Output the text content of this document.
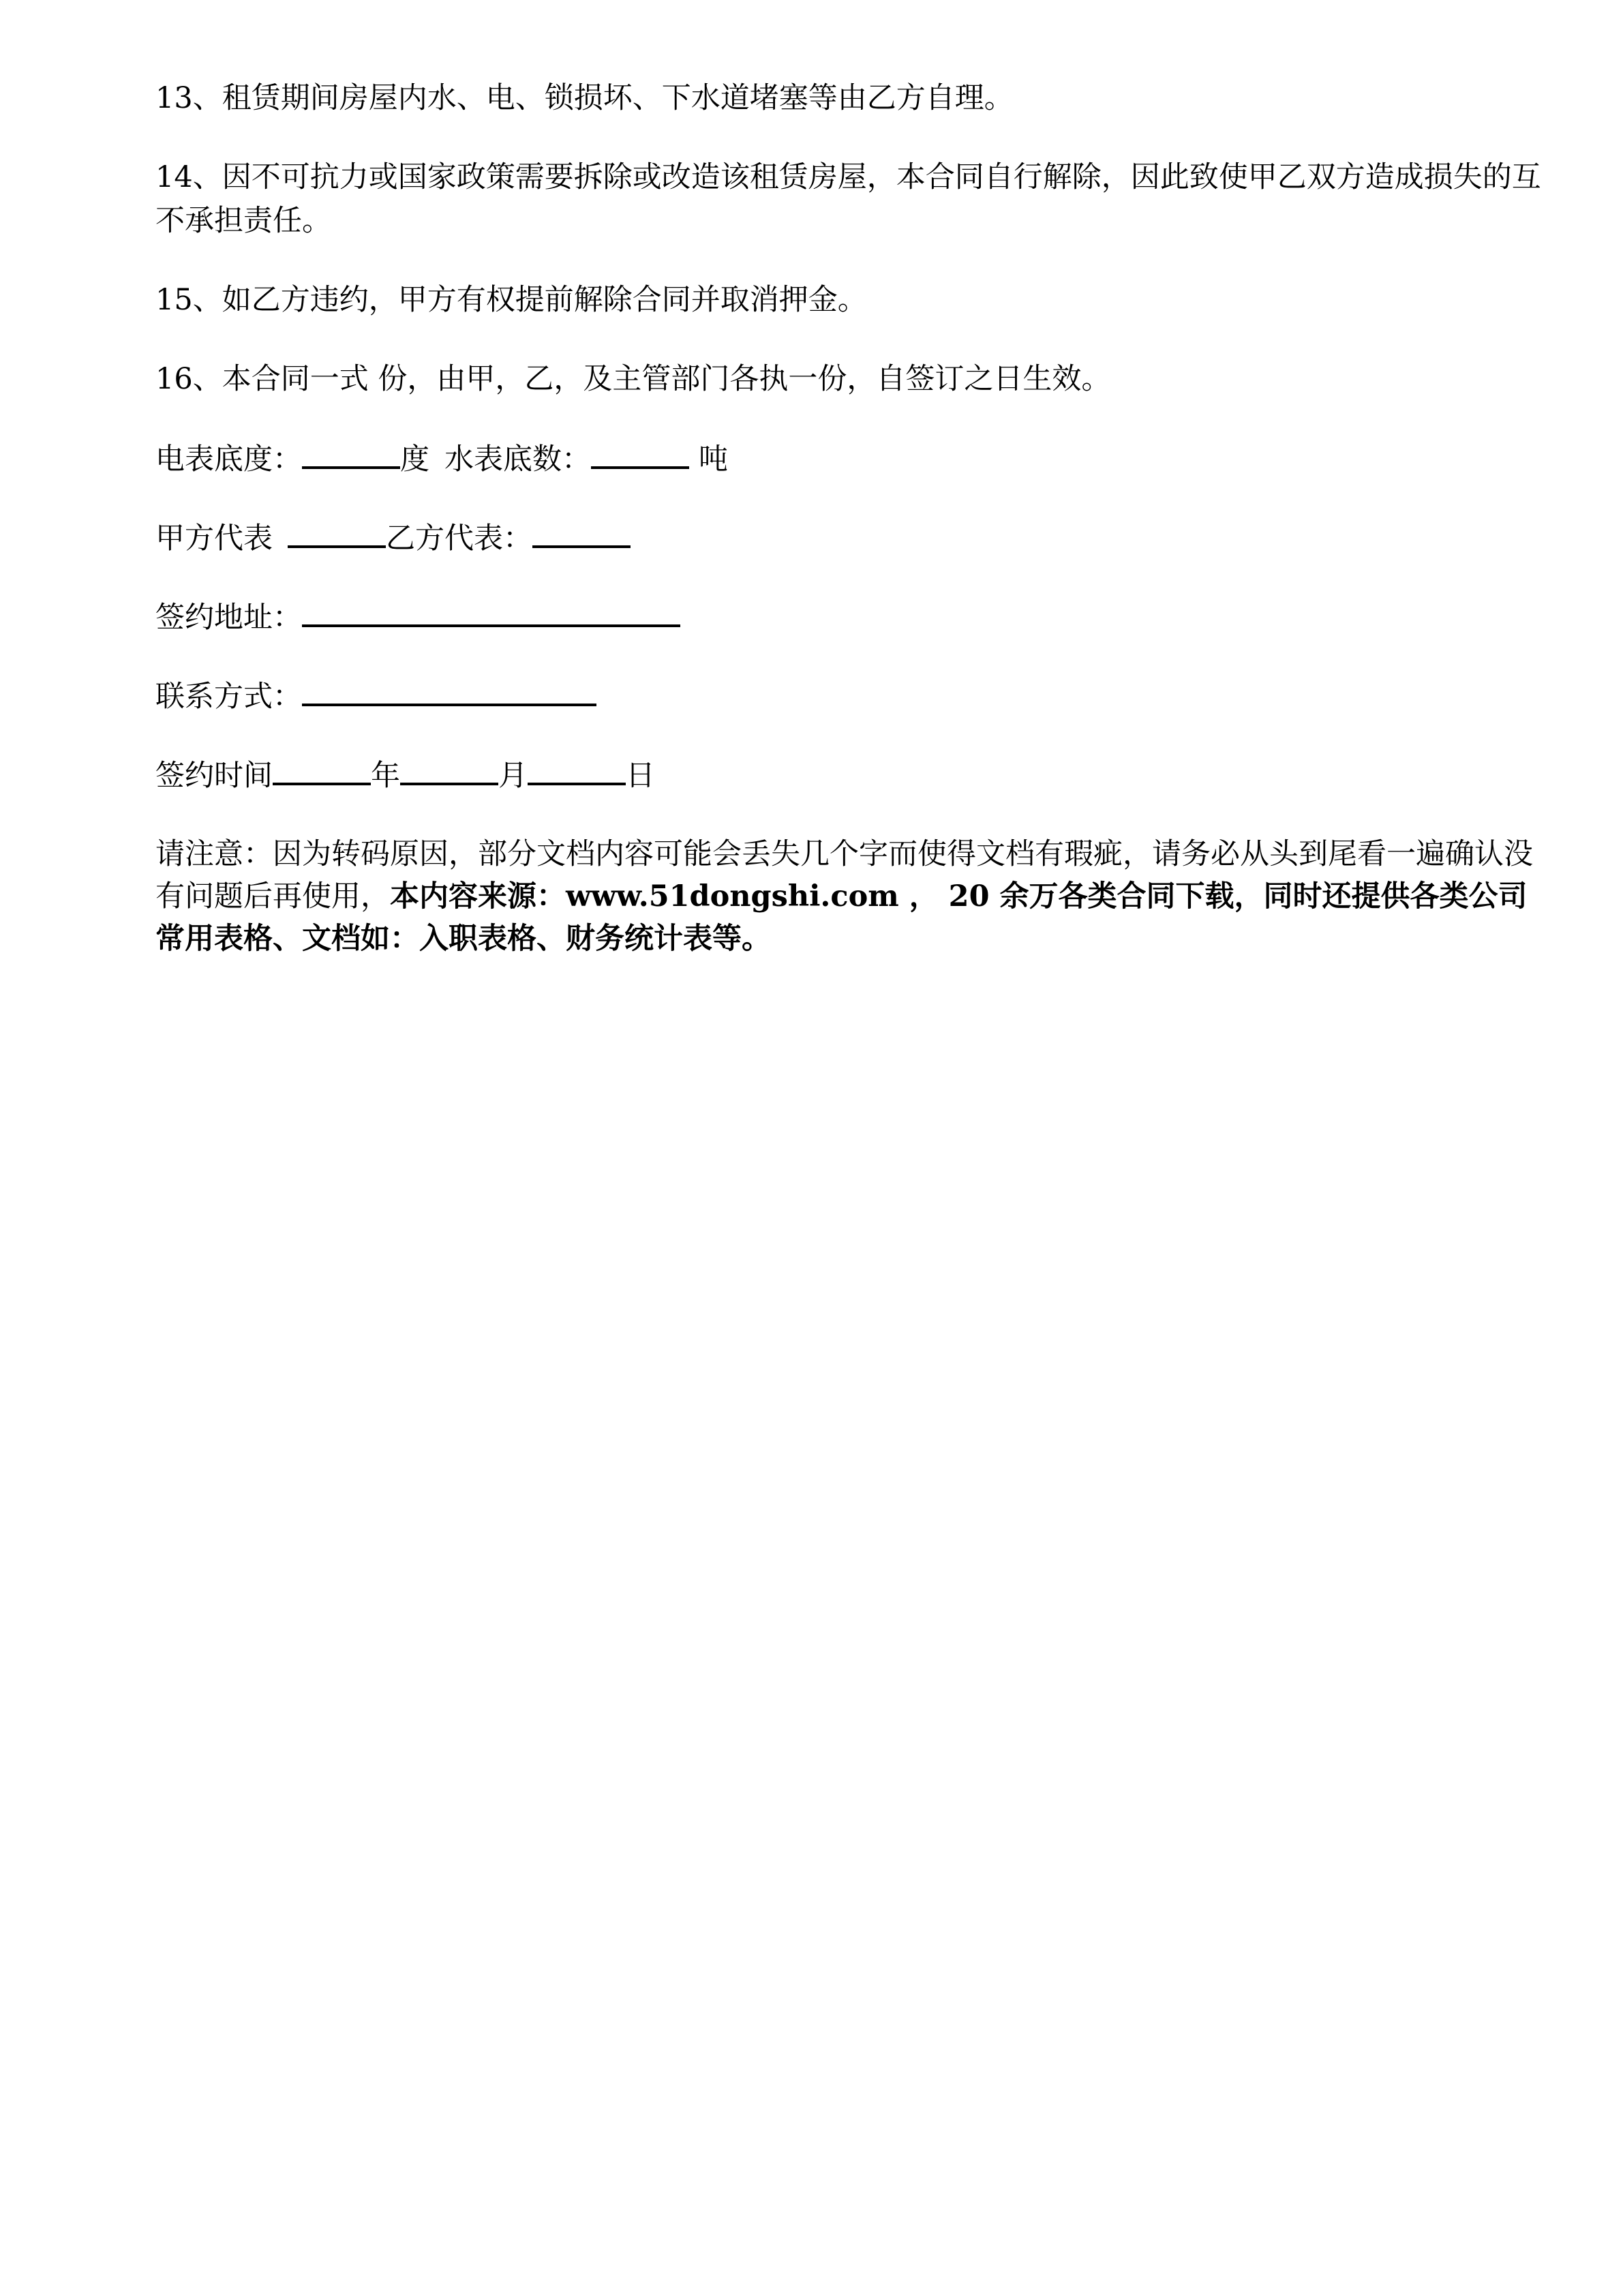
13、租赁期间房屋内水、电、锁损坏、下水道堵塞等由乙方自理。

14、因不可抗力或国家政策需要拆除或改造该租赁房屋，本合同自行解除，因此致使甲乙双方造成损失的互不承担责任。

15、如乙方违约，甲方有权提前解除合同并取消押金。

16、本合同一式 份，由甲，乙，及主管部门各执一份，自签订之日生效。

电表底度：	度 水表底数：	吨

甲方代表	乙方代表：

签约地址：

联系方式：

签约时间	年	月	日

请注意：因为转码原因，部分文档内容可能会丢失几个字而使得文档有瑕疵，请务必从头到尾看一遍确认没有问题后再使用，本内容来源：www.51dongshi.com ， 20 余万各类合同下载，同时还提供各类公司常用表格、文档如：入职表格、财务统计表等。
